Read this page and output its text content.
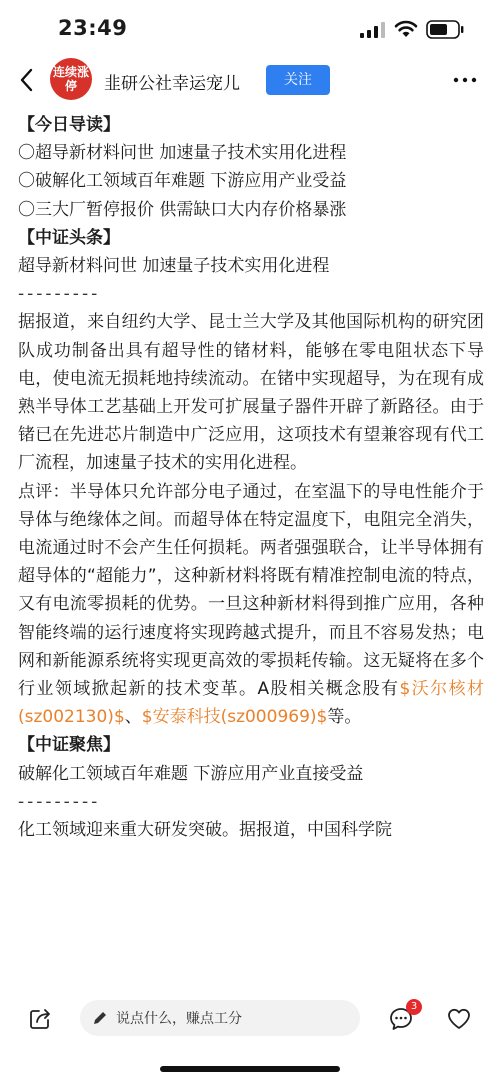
23:49
连续涨停	韭研公社幸运宠儿	关注

【今日导读】

〇超导新材料问世 加速量子技术实用化进程

〇破解化工领域百年难题 下游应用产业受益

〇三大厂暂停报价 供需缺口大内存价格暴涨

【中证头条】

超导新材料问世 加速量子技术实用化进程

---------

据报道，来自纽约大学、昆士兰大学及其他国际机构的研究团队成功制备出具有超导性的锗材料，能够在零电阻状态下导电，使电流无损耗地持续流动。在锗中实现超导，为在现有成熟半导体工艺基础上开发可扩展量子器件开辟了新路径。由于锗已在先进芯片制造中广泛应用，这项技术有望兼容现有代工厂流程，加速量子技术的实用化进程。

点评：半导体只允许部分电子通过，在室温下的导电性能介于导体与绝缘体之间。而超导体在特定温度下，电阻完全消失，电流通过时不会产生任何损耗。两者强强联合，让半导体拥有超导体的“超能力”，这种新材料将既有精准控制电流的特点，又有电流零损耗的优势。一旦这种新材料得到推广应用，各种智能终端的运行速度将实现跨越式提升，而且不容易发热；电网和新能源系统将实现更高效的零损耗传输。这无疑将在多个行业领域掀起新的技术变革。A股相关概念股有$沃尔核材(sz002130)$、$安泰科技(sz000969)$等。

【中证聚焦】

破解化工领域百年难题 下游应用产业直接受益

---------

化工领域迎来重大研发突破。据报道，中国科学院

说点什么，赚点工分
3
